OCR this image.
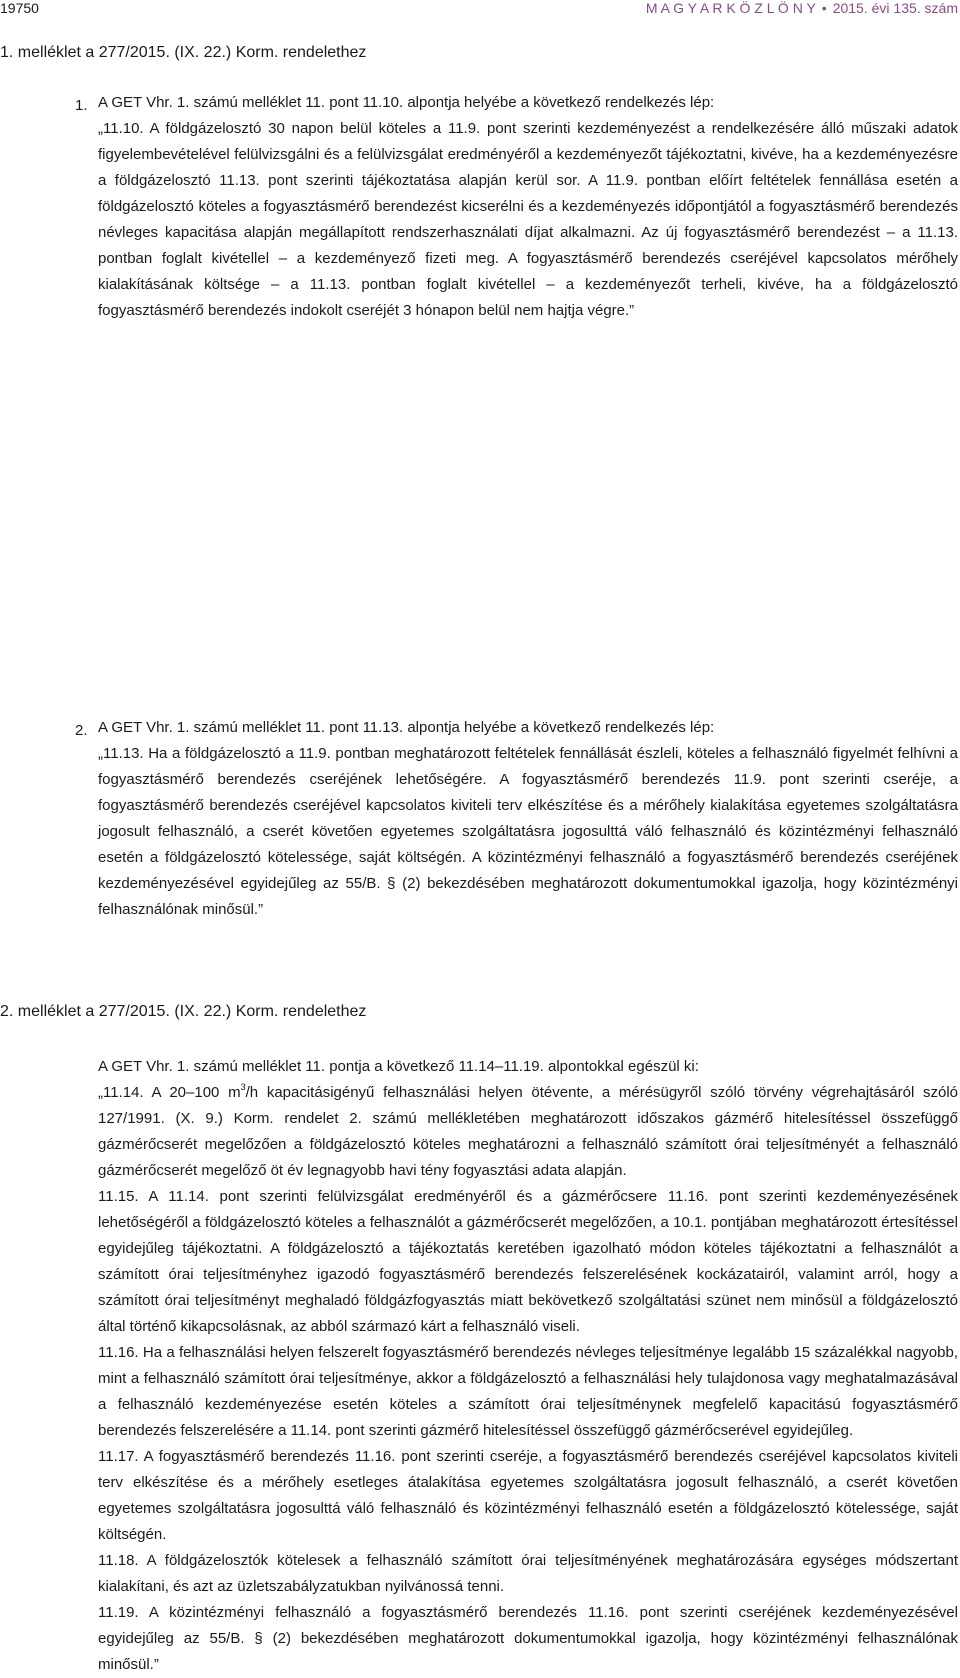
19750	M A G Y A R K Ö Z L Ö N Y • 2015. évi 135. szám
1. melléklet a 277/2015. (IX. 22.) Korm. rendelethez
1. A GET Vhr. 1. számú melléklet 11. pont 11.10. alpontja helyébe a következő rendelkezés lép:

„11.10. A földgázelosztó 30 napon belül köteles a 11.9. pont szerinti kezdeményezést a rendelkezésére álló műszaki adatok figyelembevételével felülvizsgálni és a felülvizsgálat eredményéről a kezdeményezőt tájékoztatni, kivéve, ha a kezdeményezésre a földgázelosztó 11.13. pont szerinti tájékoztatása alapján kerül sor. A 11.9. pontban előírt feltételek fennállása esetén a földgázelosztó köteles a fogyasztásmérő berendezést kicserélni és a kezdeményezés időpontjától a fogyasztásmérő berendezés névleges kapacitása alapján megállapított rendszerhasználati díjat alkalmazni. Az új fogyasztásmérő berendezést – a 11.13. pontban foglalt kivétellel – a kezdeményező fizeti meg. A fogyasztásmérő berendezés cseréjével kapcsolatos mérőhely kialakításának költsége – a 11.13. pontban foglalt kivétellel – a kezdeményezőt terheli, kivéve, ha a földgázelosztó fogyasztásmérő berendezés indokolt cseréjét 3 hónapon belül nem hajtja végre.”

2. A GET Vhr. 1. számú melléklet 11. pont 11.13. alpontja helyébe a következő rendelkezés lép:

„11.13. Ha a földgázelosztó a 11.9. pontban meghatározott feltételek fennállását észleli, köteles a felhasználó figyelmét felhívni a fogyasztásmérő berendezés cseréjének lehetőségére. A fogyasztásmérő berendezés 11.9. pont szerinti cseréje, a fogyasztásmérő berendezés cseréjével kapcsolatos kiviteli terv elkészítése és a mérőhely kialakítása egyetemes szolgáltatásra jogosult felhasználó, a cserét követően egyetemes szolgáltatásra jogosulttá váló felhasználó és közintézményi felhasználó esetén a földgázelosztó kötelessége, saját költségén. A közintézményi felhasználó a fogyasztásmérő berendezés cseréjének kezdeményezésével egyidejűleg az 55/B. § (2) bekezdésében meghatározott dokumentumokkal igazolja, hogy közintézményi felhasználónak minősül.”

2. melléklet a 277/2015. (IX. 22.) Korm. rendelethez
A GET Vhr. 1. számú melléklet 11. pontja a következő 11.14–11.19. alpontokkal egészül ki:

„11.14. A 20–100 $m^3/h$ kapacitásigényű felhasználási helyen ötévente, a mérésügyről szóló törvény végrehajtásáról szóló 127/1991. (X. 9.) Korm. rendelet 2. számú mellékletében meghatározott időszakos gázmérő hitelesítéssel összefüggő gázmérőcserét megelőzően a földgázelosztó köteles meghatározni a felhasználó számított órai teljesítményét a felhasználó gázmérőcserét megelőző öt év legnagyobb havi tény fogyasztási adata alapján.

11.15. A 11.14. pont szerinti felülvizsgálat eredményéről és a gázmérőcsere 11.16. pont szerinti kezdeményezésének lehetőségéről a földgázelosztó köteles a felhasználót a gázmérőcserét megelőzően, a 10.1. pontjában meghatározott értesítéssel egyidejűleg tájékoztatni. A földgázelosztó a tájékoztatás keretében igazolható módon köteles tájékoztatni a felhasználót a számított órai teljesítményhez igazodó fogyasztásmérő berendezés felszerelésének kockázatairól, valamint arról, hogy a számított órai teljesítményt meghaladó földgázfogyasztás miatt bekövetkező szolgáltatási szünet nem minősül a földgázelosztó által történő kikapcsolásnak, az abból származó kárt a felhasználó viseli.

11.16. Ha a felhasználási helyen felszerelt fogyasztásmérő berendezés névleges teljesítménye legalább 15 százalékkal nagyobb, mint a felhasználó számított órai teljesítménye, akkor a földgázelosztó a felhasználási hely tulajdonosa vagy meghatalmazásával a felhasználó kezdeményezése esetén köteles a számított órai teljesítménynek megfelelő kapacitású fogyasztásmérő berendezés felszerelésére a 11.14. pont szerinti gázmérő hitelesítéssel összefüggő gázmérőcserével egyidejűleg.

11.17. A fogyasztásmérő berendezés 11.16. pont szerinti cseréje, a fogyasztásmérő berendezés cseréjével kapcsolatos kiviteli terv elkészítése és a mérőhely esetleges átalakítása egyetemes szolgáltatásra jogosult felhasználó, a cserét követően egyetemes szolgáltatásra jogosulttá váló felhasználó és közintézményi felhasználó esetén a földgázelosztó kötelessége, saját költségén.

11.18. A földgázelosztók kötelesek a felhasználó számított órai teljesítményének meghatározására egységes módszertant kialakítani, és azt az üzletszabályzatukban nyilvánossá tenni.

11.19. A közintézményi felhasználó a fogyasztásmérő berendezés 11.16. pont szerinti cseréjének kezdeményezésével egyidejűleg az 55/B. § (2) bekezdésében meghatározott dokumentumokkal igazolja, hogy közintézményi felhasználónak minősül.”
